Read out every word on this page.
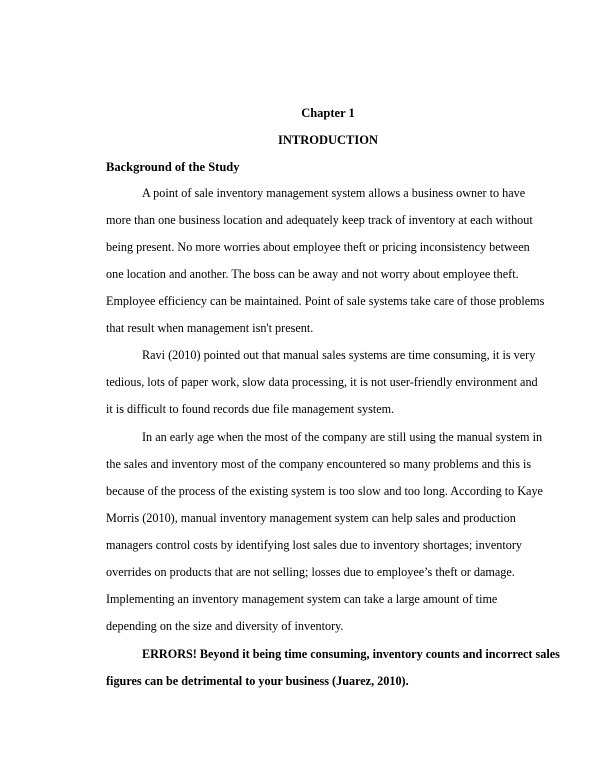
Chapter 1
INTRODUCTION
Background of the Study
A point of sale inventory management system allows a business owner to have
more than one business location and adequately keep track of inventory at each without
being present. No more worries about employee theft or pricing inconsistency between
one location and another. The boss can be away and not worry about employee theft.
Employee efficiency can be maintained. Point of sale systems take care of those problems
that result when management isn't present.
Ravi (2010) pointed out that manual sales systems are time consuming, it is very
tedious, lots of paper work, slow data processing, it is not user-friendly environment and
it is difficult to found records due file management system.
In an early age when the most of the company are still using the manual system in
the sales and inventory most of the company encountered so many problems and this is
because of the process of the existing system is too slow and too long. According to Kaye
Morris (2010), manual inventory management system can help sales and production
managers control costs by identifying lost sales due to inventory shortages; inventory
overrides on products that are not selling; losses due to employee’s theft or damage.
Implementing an inventory management system can take a large amount of time
depending on the size and diversity of inventory.
ERRORS! Beyond it being time consuming, inventory counts and incorrect sales
figures can be detrimental to your business (Juarez, 2010).
